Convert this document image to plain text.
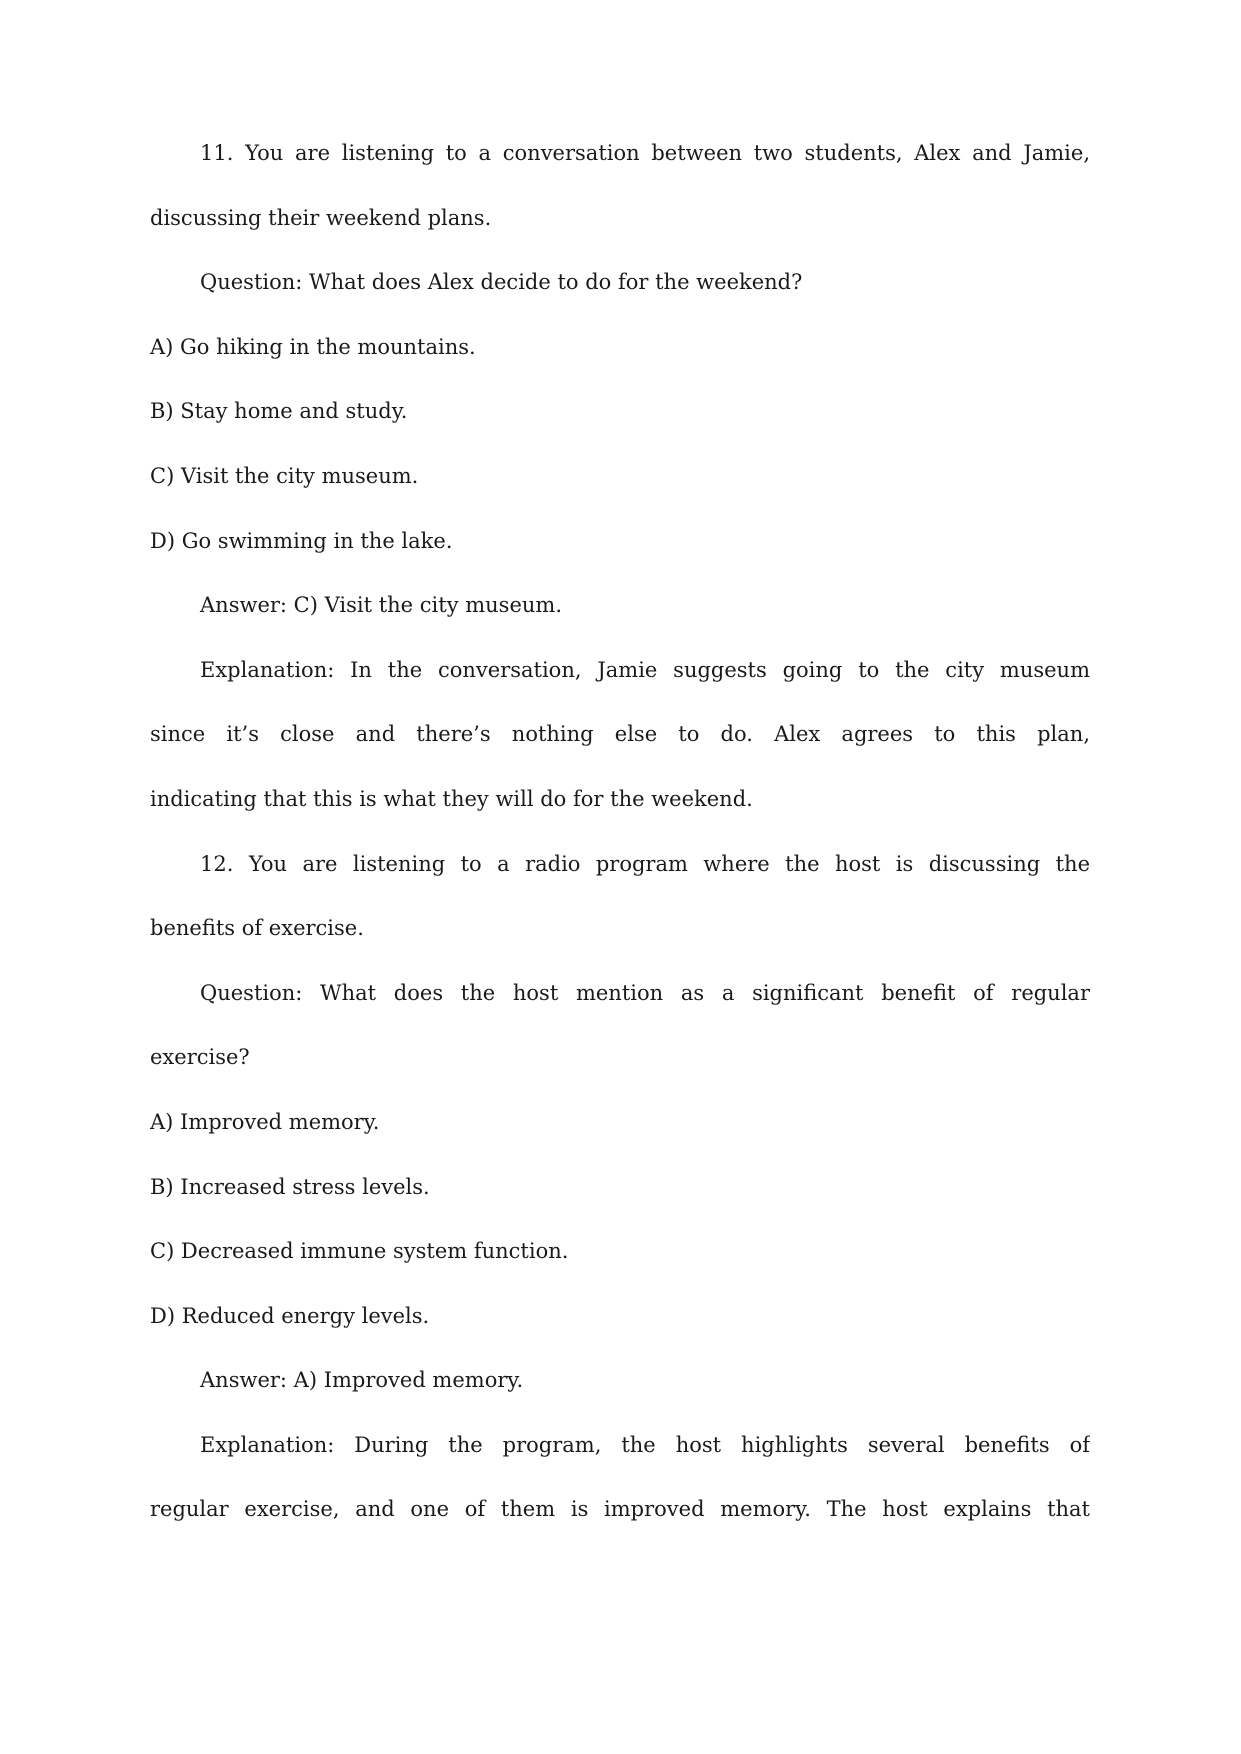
11. You are listening to a conversation between two students, Alex and Jamie,
discussing their weekend plans.
Question: What does Alex decide to do for the weekend?
A) Go hiking in the mountains.
B) Stay home and study.
C) Visit the city museum.
D) Go swimming in the lake.
Answer: C) Visit the city museum.
Explanation: In the conversation, Jamie suggests going to the city museum
since it’s close and there’s nothing else to do. Alex agrees to this plan,
indicating that this is what they will do for the weekend.
12. You are listening to a radio program where the host is discussing the
benefits of exercise.
Question: What does the host mention as a significant benefit of regular
exercise?
A) Improved memory.
B) Increased stress levels.
C) Decreased immune system function.
D) Reduced energy levels.
Answer: A) Improved memory.
Explanation: During the program, the host highlights several benefits of
regular exercise, and one of them is improved memory. The host explains that
